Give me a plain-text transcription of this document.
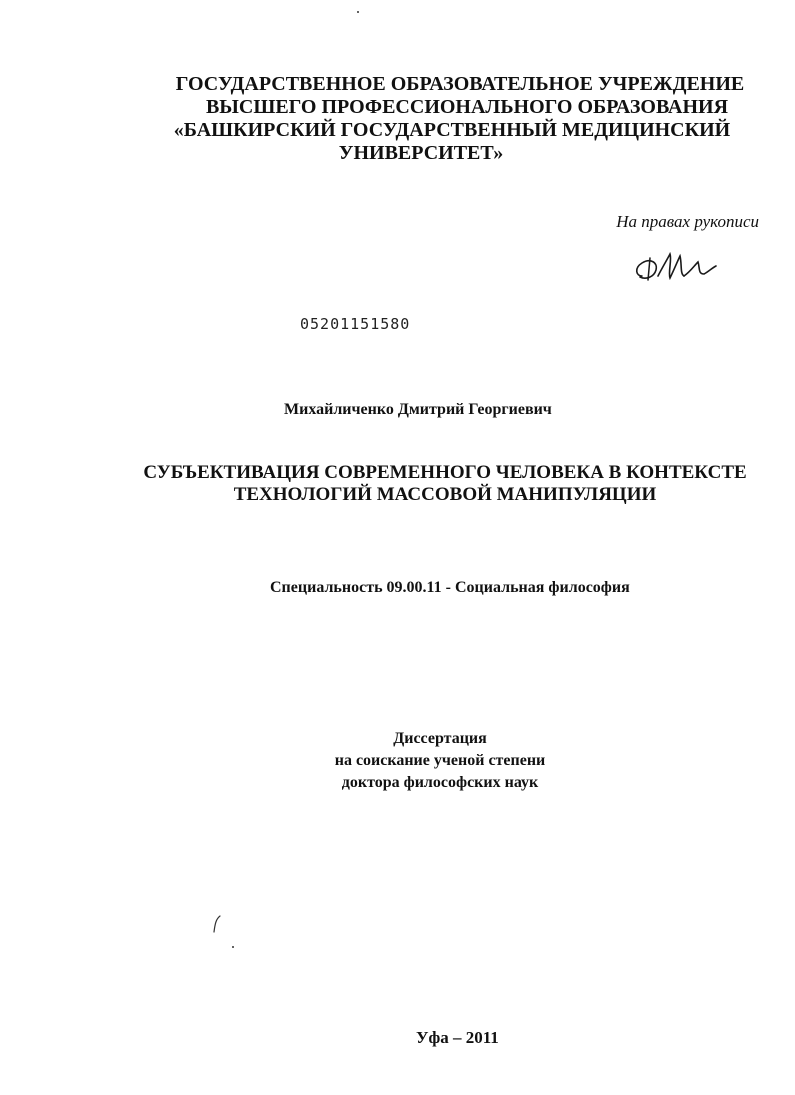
ГОСУДАРСТВЕННОЕ ОБРАЗОВАТЕЛЬНОЕ УЧРЕЖДЕНИЕ
ВЫСШЕГО ПРОФЕССИОНАЛЬНОГО ОБРАЗОВАНИЯ
«БАШКИРСКИЙ ГОСУДАРСТВЕННЫЙ МЕДИЦИНСКИЙ
УНИВЕРСИТЕТ»
На правах рукописи
05201151580
Михайличенко Дмитрий Георгиевич
СУБЪЕКТИВАЦИЯ СОВРЕМЕННОГО ЧЕЛОВЕКА В КОНТЕКСТЕ
ТЕХНОЛОГИЙ МАССОВОЙ МАНИПУЛЯЦИИ
Специальность 09.00.11 - Социальная философия
Диссертация
на соискание ученой степени
доктора философских наук
Уфа – 2011
